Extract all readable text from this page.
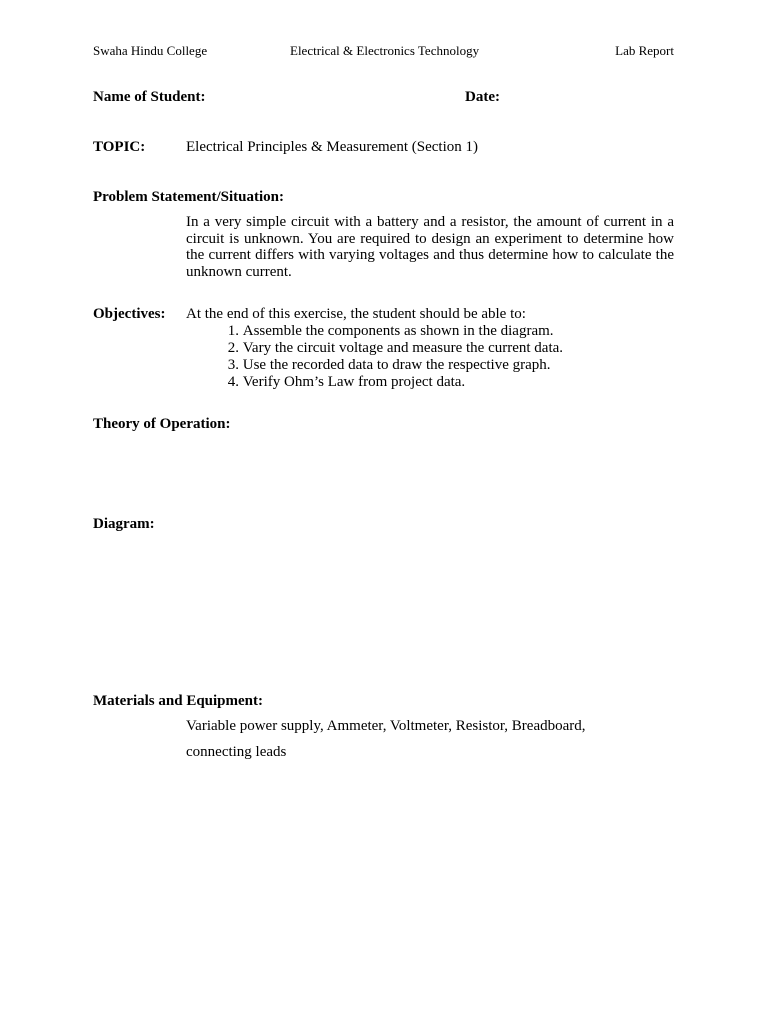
Swaha Hindu College	Electrical & Electronics Technology	Lab Report
Name of Student:	Date:
TOPIC:	Electrical Principles & Measurement (Section 1)
Problem Statement/Situation:
In a very simple circuit with a battery and a resistor, the amount of current in a circuit is unknown. You are required to design an experiment to determine how the current differs with varying voltages and thus determine how to calculate the unknown current.
Objectives: At the end of this exercise, the student should be able to:
1. Assemble the components as shown in the diagram.
2. Vary the circuit voltage and measure the current data.
3. Use the recorded data to draw the respective graph.
4. Verify Ohm’s Law from project data.
Theory of Operation:
Diagram:
Materials and Equipment:
Variable power supply, Ammeter, Voltmeter, Resistor, Breadboard,
connecting leads
